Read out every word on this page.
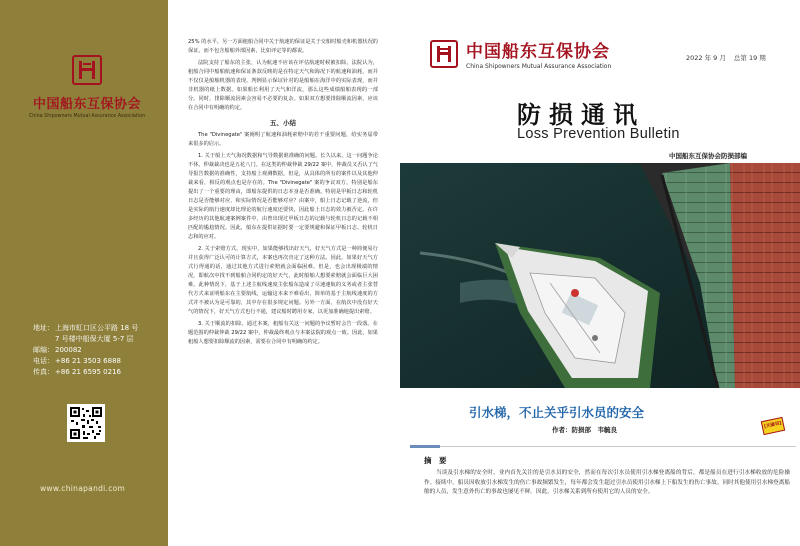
中国船东互保协会
China Shipowners Mutual Assurance Association
地址： 上海市虹口区公平路 18 号
7 号楼中船保大厦 5-7 层
邮编： 200082
电话： +86 21 3503 6888
传真： +86 21 6595 0216
www.chinapandi.com

25% 的水平。另一方面租船合同中关于航速的保证是关于交船时船壳和机器状况的保证，而不包含船舶外部因素，比如评定等的都说。

法院支持了船东的主张，认为航速不应该在评估航速时候被扣除。法院认为，租船合同中船舶航速和保证条款反映的是在特定天气和海况下的航速和油耗，而并不仅仅是船舶机器的表现。判例显示保证针对的是船舶在海洋中的实际表现，而并非机器的纸上数据。如果船长利用了天气和洋流，那么这些成绩船舶表现的一部分。同时，排除顺流因素会容易不必要的复杂。如果双方想要排除顺流因素，应该在合同中有明确的约定。

五、小结

The "Divinegate" 案阐明了航速和油耗索赔中的若干重要问题，给实务届带来很多的启示。

1. 关于船上天气海况数据和气导数据谁准确的问题。长久以来，这一问题争论不休，仲裁裁决也是五花八门。在这类的仲裁仲裁 29/22 案中，仲裁员又否认了气导报告数据的准确性，支持船上观测数据。但是，从具体的所有的案件以及其他仲裁来看，相反的观点也是存在的。The "Divinegate" 案的争议双方，特别是船东提出了一个重要的理由，即船东提供的日志本身是否准确。特别是甲板日志和轮机日志是否能够对应，和实际情况是否能够对应？由案中，船上日志记载了逆流，但是实际的航行速度却比理论的航行速度还要快，因此船上日志的效力被否定。在许多经历的其他航速案例案件中，由曾出现过甲板日志的记载与轮机日志的记载不相匹配的尴尬情况。因此，船东在提供证据时要一定要规避和保证甲板日志、轮机日志和的应对。

2. 关于索赔方式。现实中，如果能够找出好天气，好天气方式是一种简便易行并且获得广泛认可的计算方式，本案也再次肯定了这种方法。因此，如果好天气方式行得通的话，通过其他方式进行索赔就会面临困难。但是，也会出现极端的情况，即航次中找不到船舶合同约定的好天气，此时船舶人想要索赔就会面临巨大困难。此种情况下，基于上述主航线速度主张船东造成了尽速速航的义务或者主张替代方式来证明船东在主要航线，运输这本来不难看出，简单的基于主航线速度的方式并不被认为是可靠的，其中存在很多规定问题。另外一方面，在航次中没有好天气的情况下，好天气方式也行不通，建议船时聘用专家，以更加准确地提出索赔。

3. 关于顺流的扣除。通过本案，租船有关这一问题的争议暂时会告一段落。在题范围的仲裁仲裁 29/22 案中，仲裁最终观点与本案法院的观点一致。因此，如果租船人想要扣除顺流的因素，需要在合同中有明确的约定。

中国船东互保协会
China Shipowners Mutual Assurance Association
2022 年 9 月 总第 19 期
防损通讯
Loss Prevention Bulletin
中国船东互保协会防损部编
引水梯，不止关乎引水员的安全
作者：防损部　韦毓良
[关键词]
摘　要
当谈及引水梯的安全时，业内首先关注的是引水员的安全，然而在每次引水员使用引水梯登离船的背后，都是船员在进行引水梯收放的危险操作。接续中，船员因收放引水梯发生的伤亡事故频繁发生，每年都会发生超过引水员使用引水梯上下船发生的伤亡事故。同时其他使用引水梯登离船舶的人员，发生意外伤亡的事故也屡见不鲜。因此，引水梯关系到所有使用它的人员的安全。
